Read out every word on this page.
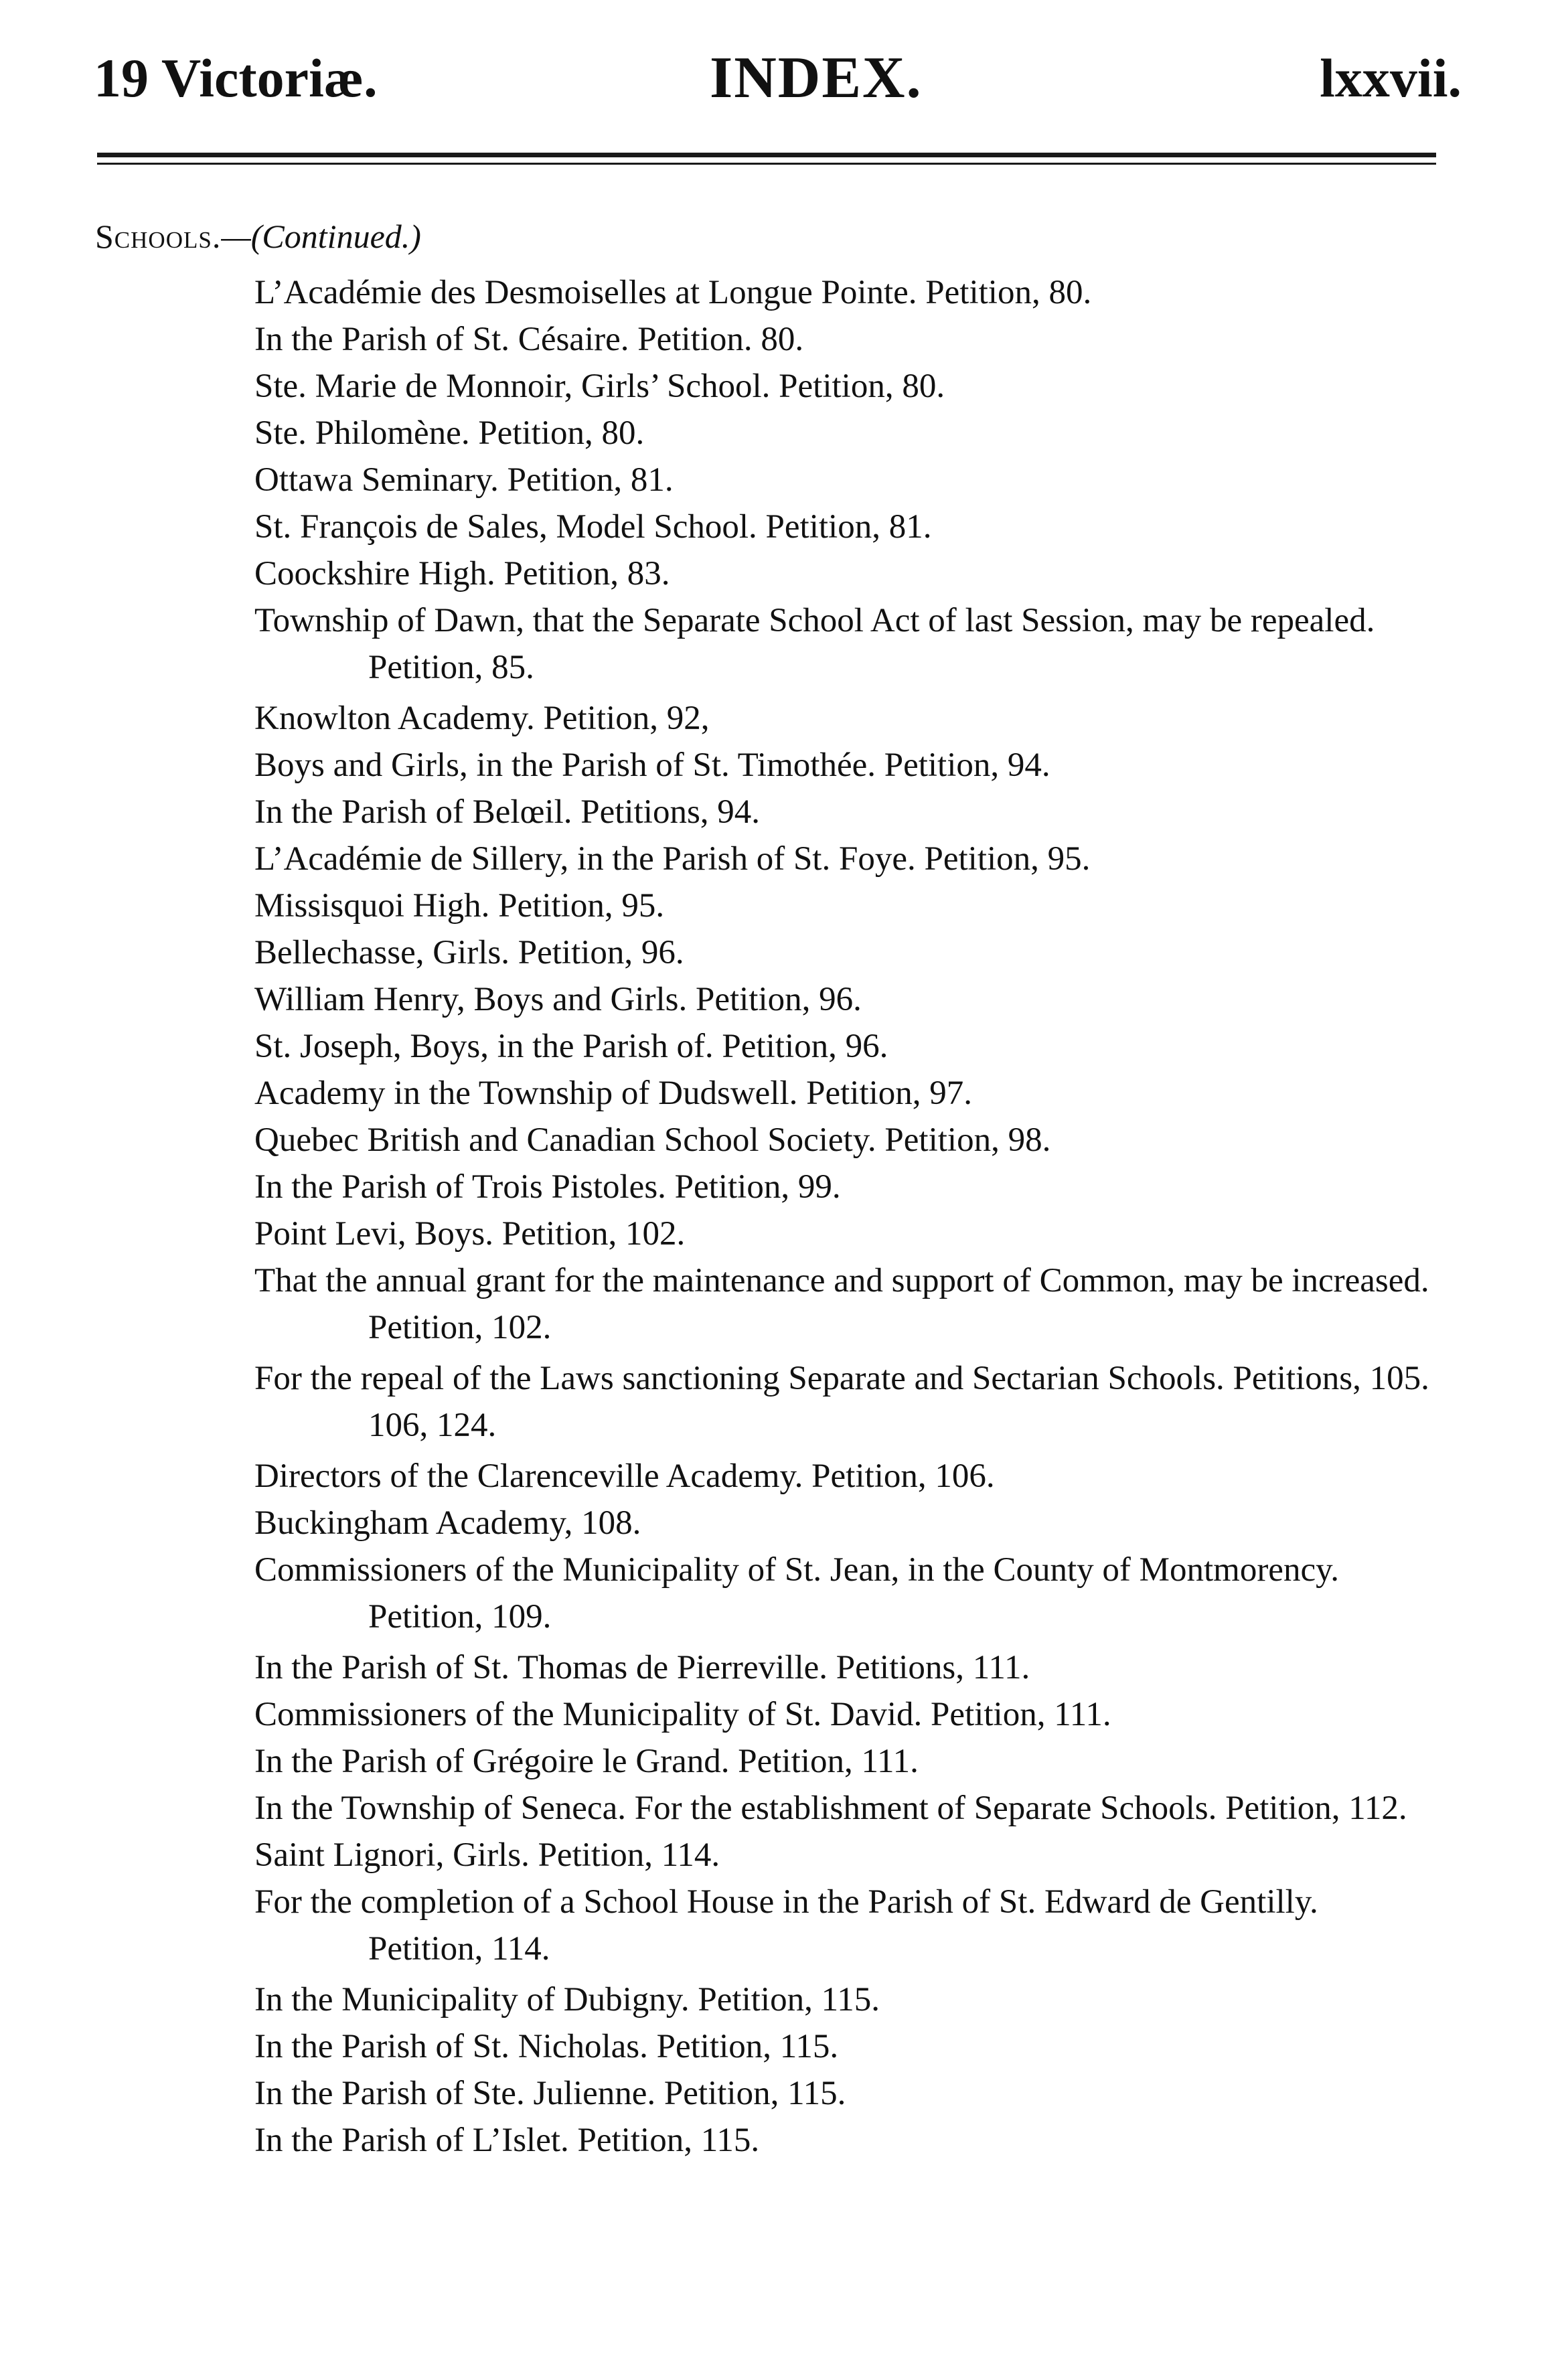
19 Victoriæ.	INDEX.	lxxvii.
Schools.—(Continued.)
L’Académie des Desmoiselles at Longue Pointe. Petition, 80.
In the Parish of St. Césaire. Petition. 80.
Ste. Marie de Monnoir, Girls’ School. Petition, 80.
Ste. Philomène. Petition, 80.
Ottawa Seminary. Petition, 81.
St. François de Sales, Model School. Petition, 81.
Coockshire High. Petition, 83.
Township of Dawn, that the Separate School Act of last Session, may be repealed. Petition, 85.
Knowlton Academy. Petition, 92,
Boys and Girls, in the Parish of St. Timothée. Petition, 94.
In the Parish of Belœil. Petitions, 94.
L’Académie de Sillery, in the Parish of St. Foye. Petition, 95.
Missisquoi High. Petition, 95.
Bellechasse, Girls. Petition, 96.
William Henry, Boys and Girls. Petition, 96.
St. Joseph, Boys, in the Parish of. Petition, 96.
Academy in the Township of Dudswell. Petition, 97.
Quebec British and Canadian School Society. Petition, 98.
In the Parish of Trois Pistoles. Petition, 99.
Point Levi, Boys. Petition, 102.
That the annual grant for the maintenance and support of Common, may be increased. Petition, 102.
For the repeal of the Laws sanctioning Separate and Sectarian Schools. Petitions, 105. 106, 124.
Directors of the Clarenceville Academy. Petition, 106.
Buckingham Academy, 108.
Commissioners of the Municipality of St. Jean, in the County of Montmorency. Petition, 109.
In the Parish of St. Thomas de Pierreville. Petitions, 111.
Commissioners of the Municipality of St. David. Petition, 111.
In the Parish of Grégoire le Grand. Petition, 111.
In the Township of Seneca. For the establishment of Separate Schools. Petition, 112.
Saint Lignori, Girls. Petition, 114.
For the completion of a School House in the Parish of St. Edward de Gentilly. Petition, 114.
In the Municipality of Dubigny. Petition, 115.
In the Parish of St. Nicholas. Petition, 115.
In the Parish of Ste. Julienne. Petition, 115.
In the Parish of L’Islet. Petition, 115.
